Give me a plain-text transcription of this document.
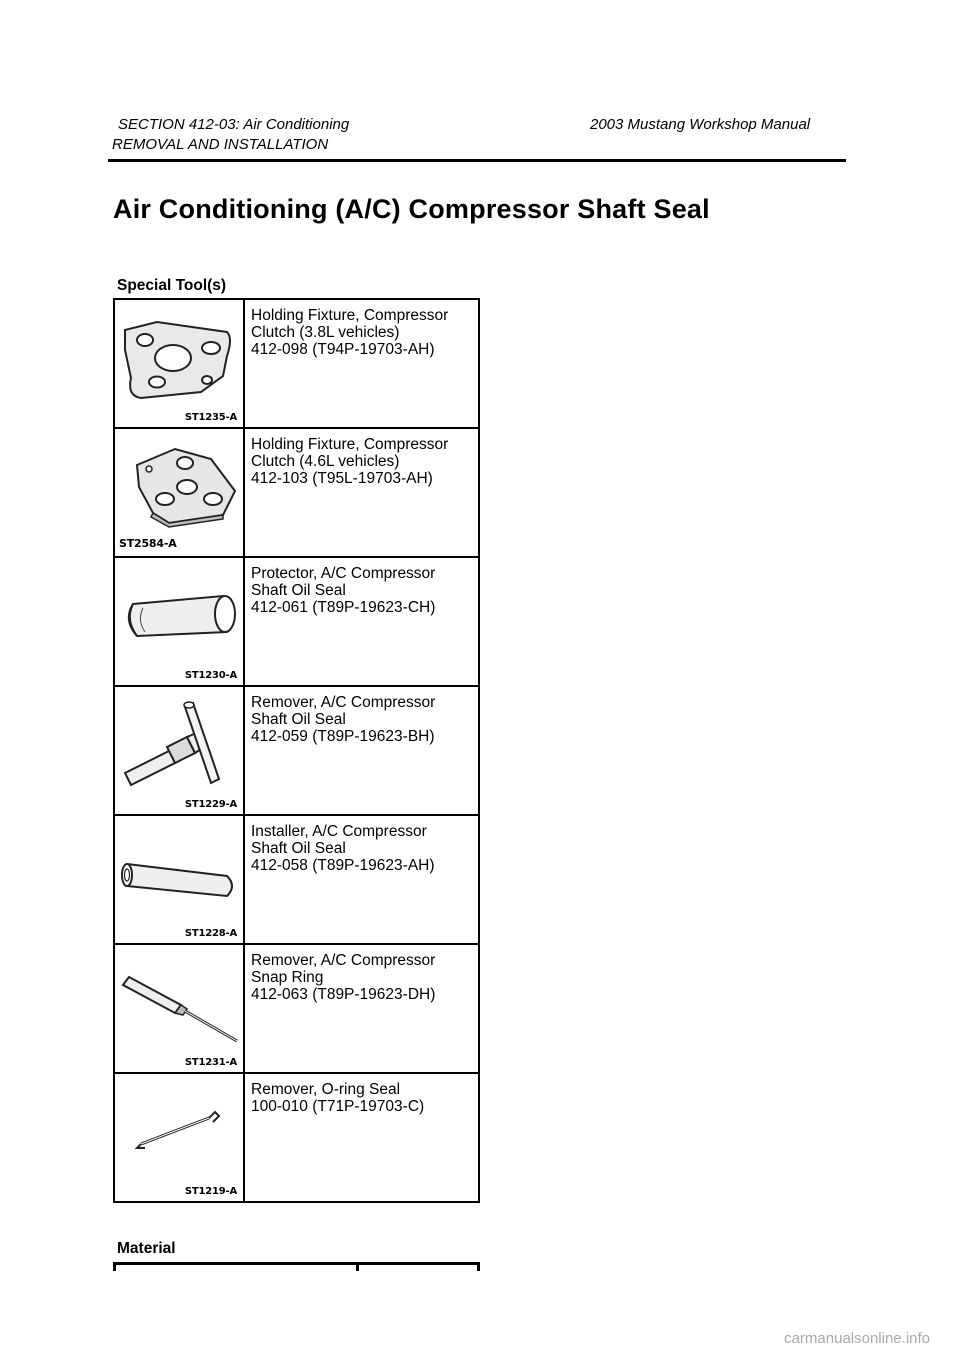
SECTION 412-03: Air Conditioning	2003 Mustang Workshop Manual
REMOVAL AND INSTALLATION
Air Conditioning (A/C) Compressor Shaft Seal
Special Tool(s)
ST1235-A
Holding Fixture, Compressor
Clutch (3.8L vehicles)
412-098 (T94P-19703-AH)
ST2584-A
Holding Fixture, Compressor
Clutch (4.6L vehicles)
412-103 (T95L-19703-AH)
ST1230-A
Protector, A/C Compressor
Shaft Oil Seal
412-061 (T89P-19623-CH)
ST1229-A
Remover, A/C Compressor
Shaft Oil Seal
412-059 (T89P-19623-BH)
ST1228-A
Installer, A/C Compressor
Shaft Oil Seal
412-058 (T89P-19623-AH)
ST1231-A
Remover, A/C Compressor
Snap Ring
412-063 (T89P-19623-DH)
ST1219-A
Remover, O-ring Seal
100-010 (T71P-19703-C)
Material
carmanualsonline.info
